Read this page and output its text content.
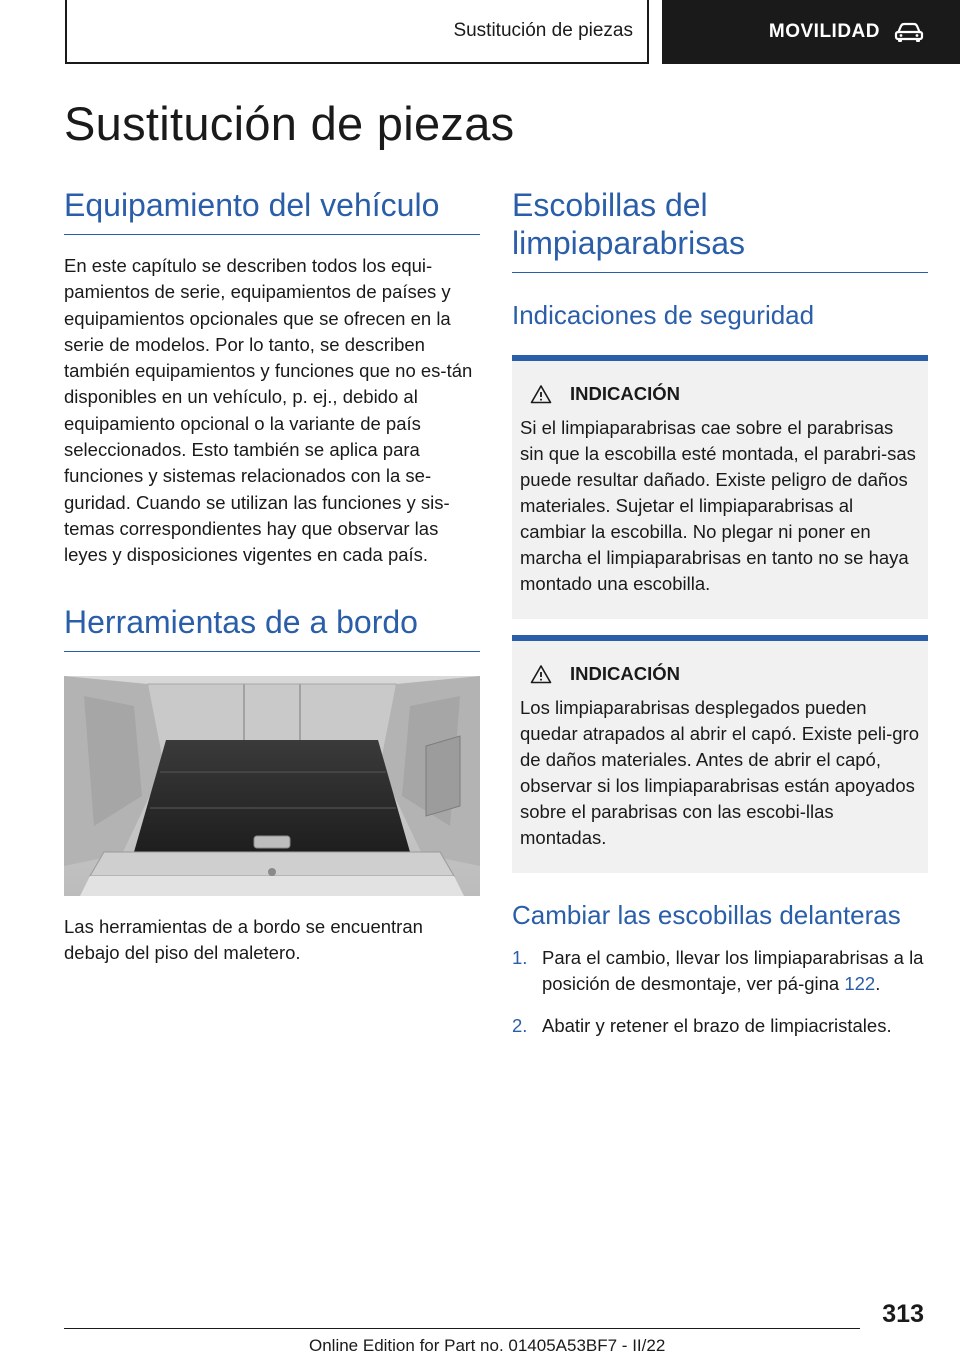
Sustitución de piezas	MOVILIDAD
Sustitución de piezas
Equipamiento del vehículo

En este capítulo se describen todos los equi-pamientos de serie, equipamientos de países y equipamientos opcionales que se ofrecen en la serie de modelos. Por lo tanto, se describen también equipamientos y funciones que no es-tán disponibles en un vehículo, p. ej., debido al equipamiento opcional o la variante de país seleccionados. Esto también se aplica para funciones y sistemas relacionados con la se-guridad. Cuando se utilizan las funciones y sis-temas correspondientes hay que observar las leyes y disposiciones vigentes en cada país.

Herramientas de a bordo

Las herramientas de a bordo se encuentran debajo del piso del maletero.

Escobillas del limpiaparabrisas
Indicaciones de seguridad
INDICACIÓN

Si el limpiaparabrisas cae sobre el parabrisas sin que la escobilla esté montada, el parabri-sas puede resultar dañado. Existe peligro de daños materiales. Sujetar el limpiaparabrisas al cambiar la escobilla. No plegar ni poner en marcha el limpiaparabrisas en tanto no se haya montado una escobilla.

INDICACIÓN

Los limpiaparabrisas desplegados pueden quedar atrapados al abrir el capó. Existe peli-gro de daños materiales. Antes de abrir el capó, observar si los limpiaparabrisas están apoyados sobre el parabrisas con las escobi-llas montadas.

Cambiar las escobillas delanteras
1. Para el cambio, llevar los limpiaparabrisas a la posición de desmontaje, ver pá-gina 122.
2. Abatir y retener el brazo de limpiacristales.
313
Online Edition for Part no. 01405A53BF7 - II/22
